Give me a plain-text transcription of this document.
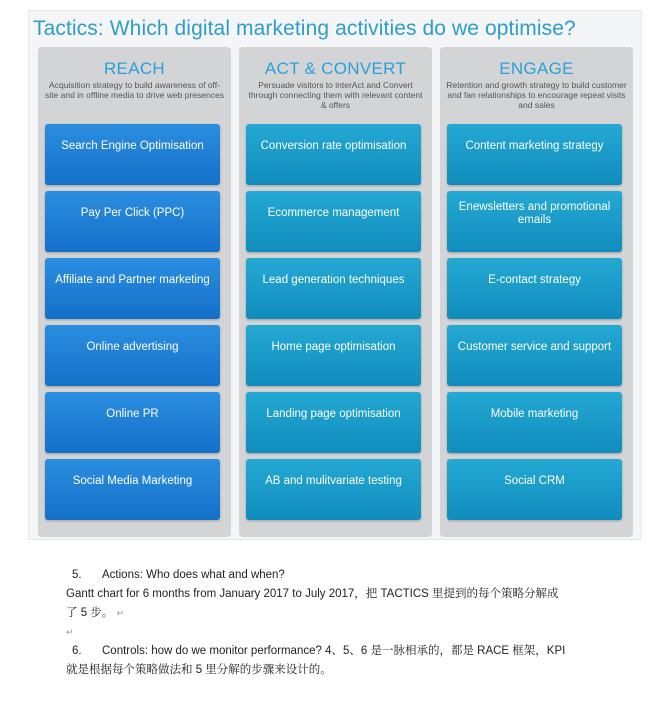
Tactics: Which digital marketing activities do we optimise?
REACH
Acquisition strategy to build awareness of off-site and in offline media to drive web presences
Search Engine Optimisation
Pay Per Click (PPC)
Affiliate and Partner marketing
Online advertising
Online PR
Social Media Marketing
ACT & CONVERT
Persuade visitors to interAct and Convert through connecting them with relevant content & offers
Conversion rate optimisation
Ecommerce management
Lead generation techniques
Home page optimisation
Landing page optimisation
AB and mulitvariate testing
ENGAGE
Retention and growth strategy to build customer and fan relationships to encourage repeat visits and sales
Content marketing strategy
Enewsletters and promotional emails
E-contact strategy
Customer service and support
Mobile marketing
Social CRM
5. Actions: Who does what and when?
Gantt chart for 6 months from January 2017 to July 2017，把 TACTICS 里提到的每个策略分解成
了 5 步。 ↵
↵
6. Controls: how do we monitor performance? 4、5、6 是一脉相承的，都是 RACE 框架，KPI
就是根据每个策略做法和 5 里分解的步骤来设计的。
